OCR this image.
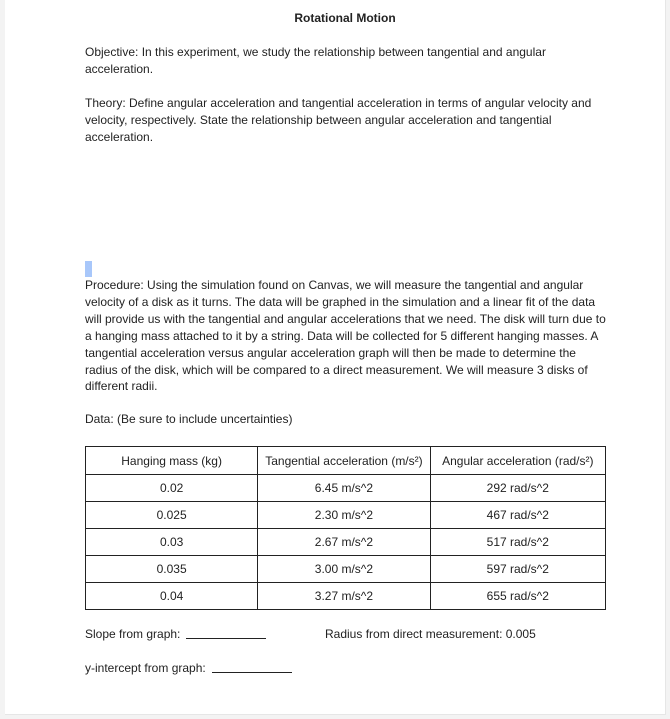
Rotational Motion
Objective: In this experiment, we study the relationship between tangential and angular acceleration.
Theory: Define angular acceleration and tangential acceleration in terms of angular velocity and velocity, respectively. State the relationship between angular acceleration and tangential acceleration.
Procedure: Using the simulation found on Canvas, we will measure the tangential and angular velocity of a disk as it turns. The data will be graphed in the simulation and a linear fit of the data will provide us with the tangential and angular accelerations that we need. The disk will turn due to a hanging mass attached to it by a string. Data will be collected for 5 different hanging masses. A tangential acceleration versus angular acceleration graph will then be made to determine the radius of the disk, which will be compared to a direct measurement. We will measure 3 disks of different radii.
Data: (Be sure to include uncertainties)
Hanging mass (kg)	Tangential acceleration (m/s²)	Angular acceleration (rad/s²)
0.02	6.45 m/s^2	292 rad/s^2
0.025	2.30 m/s^2	467 rad/s^2
0.03	2.67 m/s^2	517 rad/s^2
0.035	3.00 m/s^2	597 rad/s^2
0.04	3.27 m/s^2	655 rad/s^2
Slope from graph:	Radius from direct measurement: 0.005
y-intercept from graph:
